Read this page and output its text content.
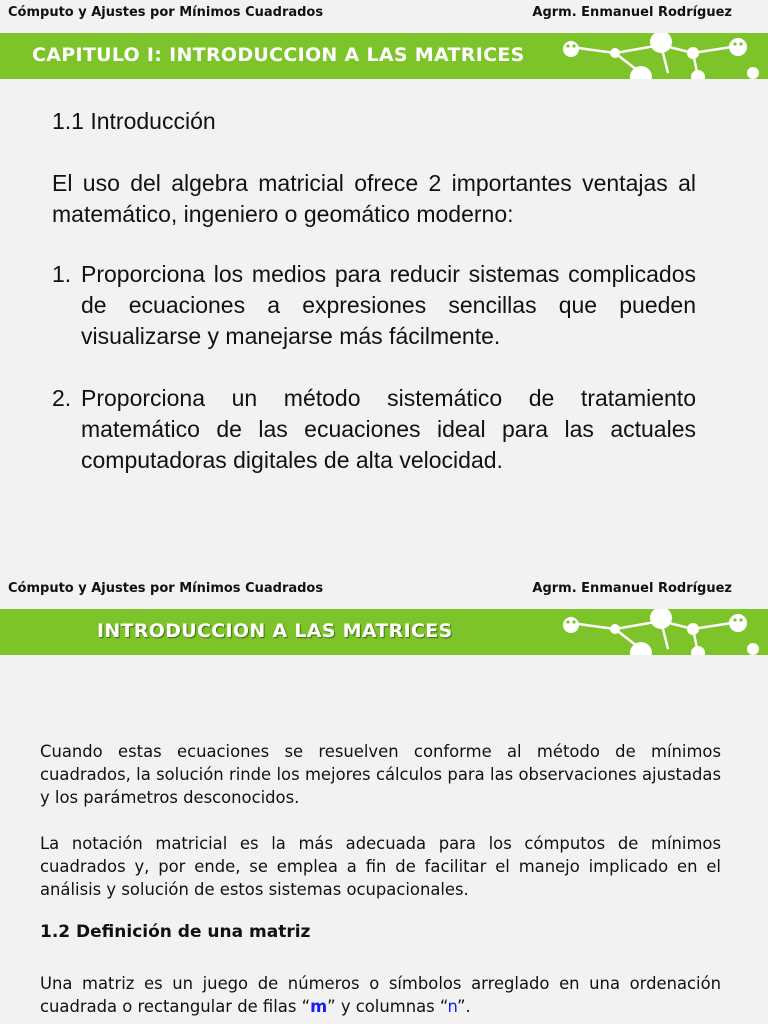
Cómputo y Ajustes por Mínimos Cuadrados	Agrm. Enmanuel Rodríguez
CAPITULO I: INTRODUCCION A LAS MATRICES
1.1 Introducción
El uso del algebra matricial ofrece 2 importantes ventajas al matemático, ingeniero o geomático moderno:
1. Proporciona los medios para reducir sistemas complicados de ecuaciones a expresiones sencillas que pueden visualizarse y manejarse más fácilmente.
2. Proporciona un método sistemático de tratamiento matemático de las ecuaciones ideal para las actuales computadoras digitales de alta velocidad.
Cómputo y Ajustes por Mínimos Cuadrados	Agrm. Enmanuel Rodríguez
INTRODUCCION A LAS MATRICES
Cuando estas ecuaciones se resuelven conforme al método de mínimos cuadrados, la solución rinde los mejores cálculos para las observaciones ajustadas y los parámetros desconocidos.
La notación matricial es la más adecuada para los cómputos de mínimos cuadrados y, por ende, se emplea a fin de facilitar el manejo implicado en el análisis y solución de estos sistemas ocupacionales.
1.2 Definición de una matriz
Una matriz es un juego de números o símbolos arreglado en una ordenación cuadrada o rectangular de filas “m” y columnas “n”.
